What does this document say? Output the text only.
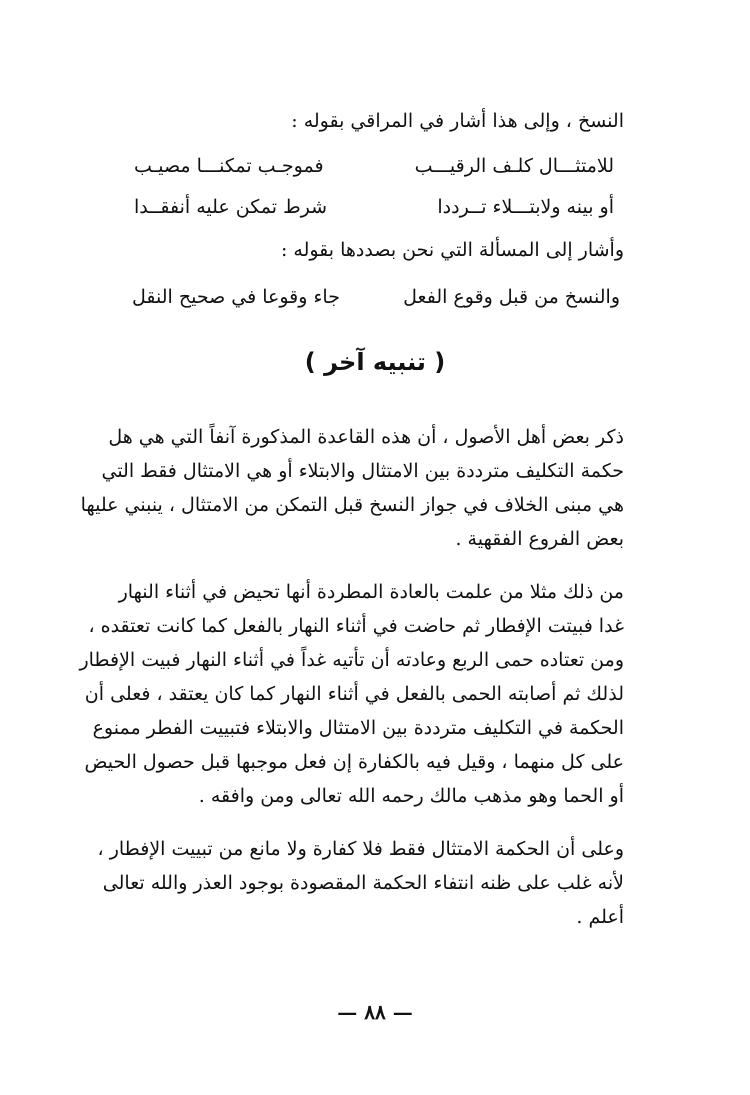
النسخ ، وإلى هذا أشار في المراقي بقوله :
للامتثـــال كلـف الرقيـــب
فموجـب تمكنـــا مصيـب
أو بينه ولابتـــلاء تــرددا
شرط تمكن عليه أنفقــدا
وأشار إلى المسألة التي نحن بصددها بقوله :
والنسخ من قبل وقوع الفعل
جاء وقوعا في صحيح النقل
( تنبيه آخر )
ذكر بعض أهل الأصول ، أن هذه القاعدة المذكورة آنفاً التي هي هل
حكمة التكليف مترددة بين الامتثال والابتلاء أو هي الامتثال فقط التي
هي مبنى الخلاف في جواز النسخ قبل التمكن من الامتثال ، ينبني عليها
بعض الفروع الفقهية .
من ذلك مثلا من علمت بالعادة المطردة أنها تحيض في أثناء النهار
غدا فبيتت الإفطار ثم حاضت في أثناء النهار بالفعل كما كانت تعتقده ،
ومن تعتاده حمى الربع وعادته أن تأتيه غداً في أثناء النهار فبيت الإفطار
لذلك ثم أصابته الحمى بالفعل في أثناء النهار كما كان يعتقد ، فعلى أن
الحكمة في التكليف مترددة بين الامتثال والابتلاء فتبييت الفطر ممنوع
على كل منهما ، وقيل فيه بالكفارة إن فعل موجبها قبل حصول الحيض
أو الحما وهو مذهب مالك رحمه الله تعالى ومن وافقه .
وعلى أن الحكمة الامتثال فقط فلا كفارة ولا مانع من تبييت الإفطار ،
لأنه غلب على ظنه انتفاء الحكمة المقصودة بوجود العذر والله تعالى
أعلم .
— ٨٨ —
